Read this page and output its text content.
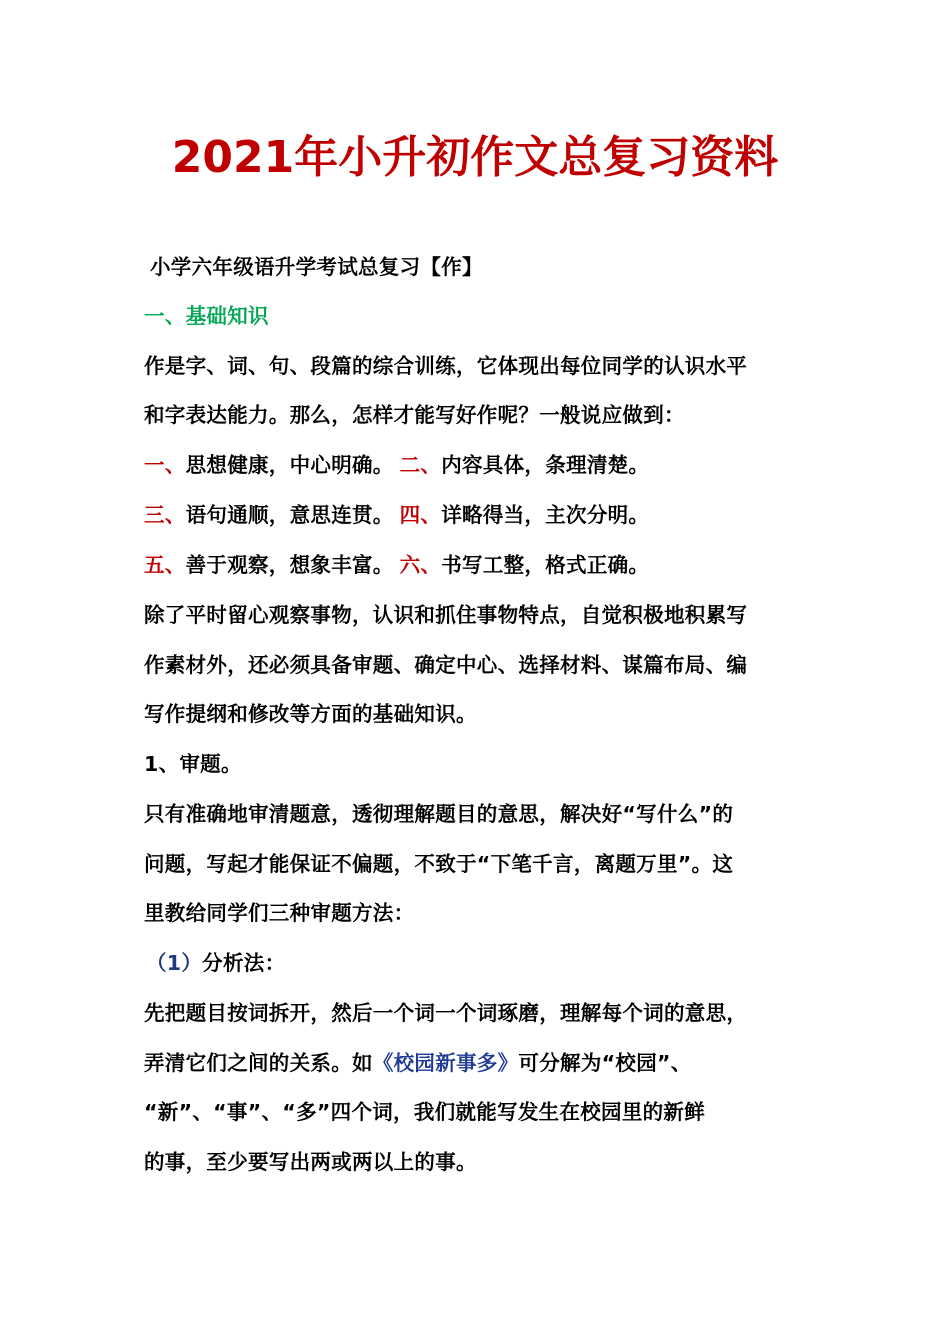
2021年小升初作文总复习资料
小学六年级语升学考试总复习【作】
一、基础知识
作是字、词、句、段篇的综合训练，它体现出每位同学的认识水平
和字表达能力。那么，怎样才能写好作呢？一般说应做到：
一、思想健康，中心明确。 二、内容具体，条理清楚。
三、语句通顺，意思连贯。 四、详略得当，主次分明。
五、善于观察，想象丰富。 六、书写工整，格式正确。
除了平时留心观察事物，认识和抓住事物特点，自觉积极地积累写
作素材外，还必须具备审题、确定中心、选择材料、谋篇布局、编
写作提纲和修改等方面的基础知识。
1、审题。
只有准确地审清题意，透彻理解题目的意思，解决好“写什么”的
问题，写起才能保证不偏题，不致于“下笔千言，离题万里”。这
里教给同学们三种审题方法：
（1）分析法：
先把题目按词拆开，然后一个词一个词琢磨，理解每个词的意思，
弄清它们之间的关系。如《校园新事多》可分解为“校园”、
“新”、“事”、“多”四个词，我们就能写发生在校园里的新鲜
的事，至少要写出两或两以上的事。
